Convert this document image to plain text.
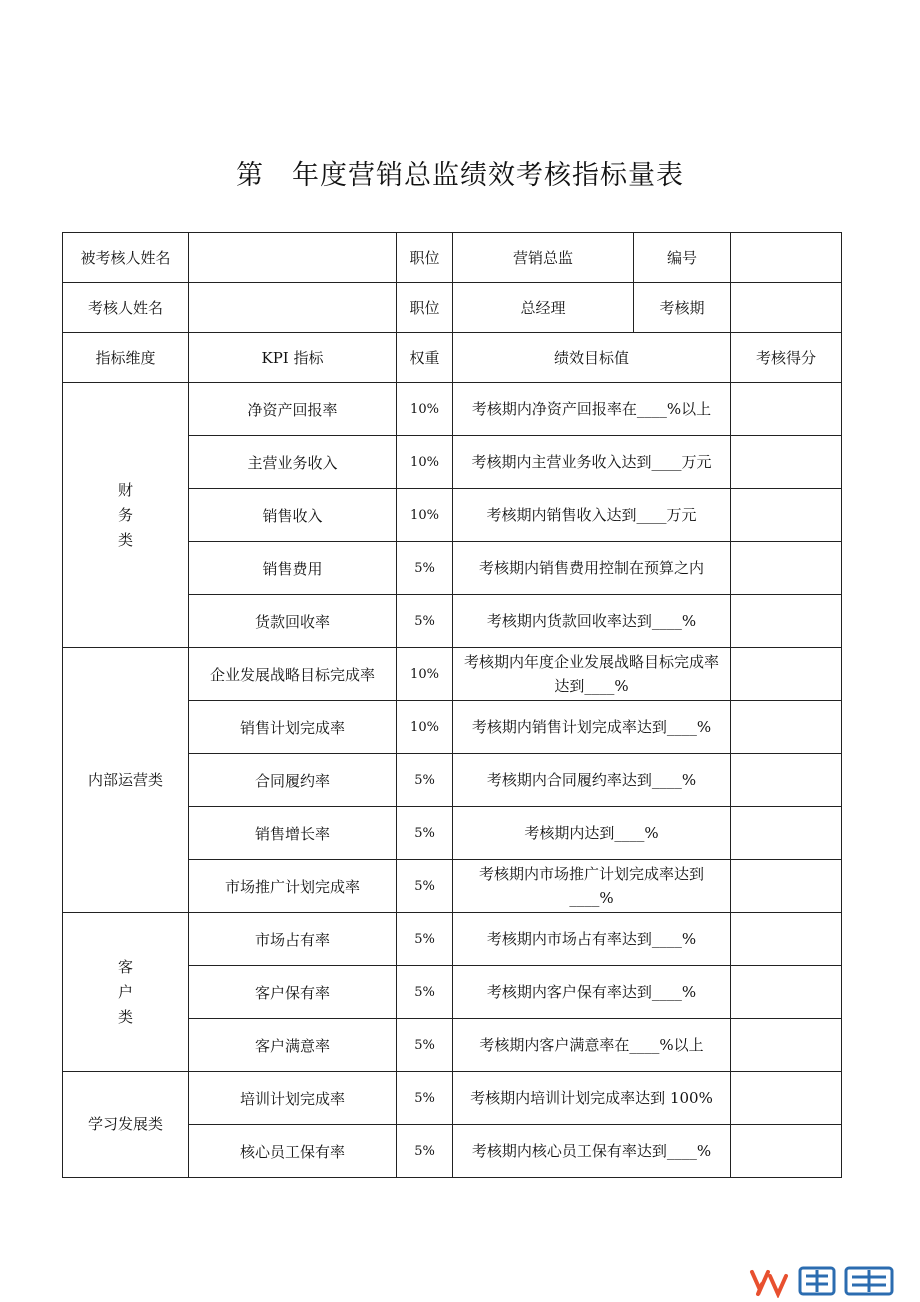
第　年度营销总监绩效考核指标量表
被考核人姓名		职位	营销总监	编号	
考核人姓名		职位	总经理	考核期	
指标维度	KPI 指标	权重	绩效目标值		考核得分
财
务
类	净资产回报率	10%	考核期内净资产回报率在____%以上		
	主营业务收入	10%	考核期内主营业务收入达到____万元		
	销售收入	10%	考核期内销售收入达到____万元		
	销售费用	5%	考核期内销售费用控制在预算之内		
	货款回收率	5%	考核期内货款回收率达到____%		
内部运营类	企业发展战略目标完成率	10%	考核期内年度企业发展战略目标完成率达到____%		
	销售计划完成率	10%	考核期内销售计划完成率达到____%		
	合同履约率	5%	考核期内合同履约率达到____%		
	销售增长率	5%	考核期内达到____%		
	市场推广计划完成率	5%	考核期内市场推广计划完成率达到____%		
客
户
类	市场占有率	5%	考核期内市场占有率达到____%		
	客户保有率	5%	考核期内客户保有率达到____%		
	客户满意率	5%	考核期内客户满意率在____%以上		
学习发展类	培训计划完成率	5%	考核期内培训计划完成率达到 100%		
	核心员工保有率	5%	考核期内核心员工保有率达到____%		
